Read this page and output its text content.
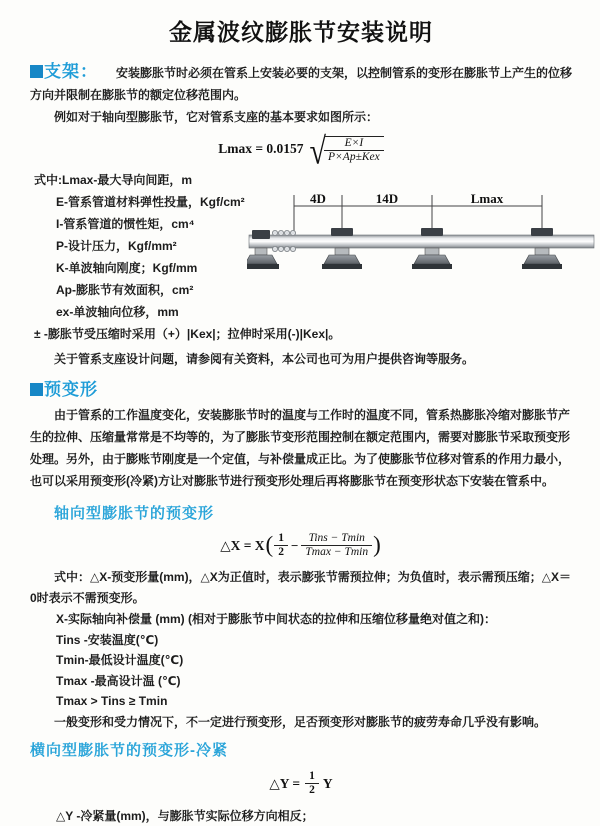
金属波纹膨胀节安装说明

支架： 安装膨胀节时必须在管系上安装必要的支架，以控制管系的变形在膨胀节上产生的位移方向并限制在膨胀节的额定位移范围内。

例如对于轴向型膨胀节，它对管系支座的基本要求如图所示：

Lmax = 0.0157 √
$\frac{E\times I}{\text{P×Ap±Kex}}$
式中:Lmax-最大导向间距，m
E-管系管道材料弹性投量，Kgf/cm²
I-管系管道的惯性矩，cm⁴
P-设计压力，Kgf/mm²
K-单波轴向刚度；Kgf/mm
Ap-膨胀节有效面积，cm²
ex-单波轴向位移，mm
± -膨胀节受压缩时采用（+）|Kex|；拉伸时采用(-)|Kex|。

关于管系支座设计问题，请参阅有关资料，本公司也可为用户提供咨询等服务。

预变形

由于管系的工作温度变化，安装膨胀节时的温度与工作时的温度不同，管系热膨胀冷缩对膨胀节产生的拉伸、压缩量常常是不均等的，为了膨胀节变形范围控制在额定范围内，需要对膨胀节采取预变形处理。另外，由于膨账节刚度是一个定值，与补偿量成正比。为了使膨胀节位移对管系的作用力最小，也可以采用预变形(冷紧)方让对膨胀节进行预变形处理后再将膨胀节在预变形状态下安装在管系中。

轴向型膨胀节的预变形
△X = X ( $\frac{1}{2} - \frac{\text{Tins − Tmin}}{Tmax - Tmin}$ )

式中：△X-预变形量(mm)，△X为正值时，表示膨张节需预拉伸；为负值时，表示需预压缩；△X＝0时表示不需预变形。

X-实际轴向补偿量 (mm) (相对于膨胀节中间状态的拉伸和压缩位移量绝对值之和)：
Tins -安装温度(℃)
Tmin-最低设计温度(℃)
Tmax -最高设计温 (℃)
Tmax > Tins ≥ Tmin

一般变形和受力情况下，不一定进行预变形，足否预变形对膨胀节的疲劳寿命几乎没有影响。

横向型膨胀节的预变形-冷紧
△Y = $\frac{1}{2}$ Y

△Y -冷紧量(mm)，与膨胀节实际位移方向相反；

4D	14D	Lmax
